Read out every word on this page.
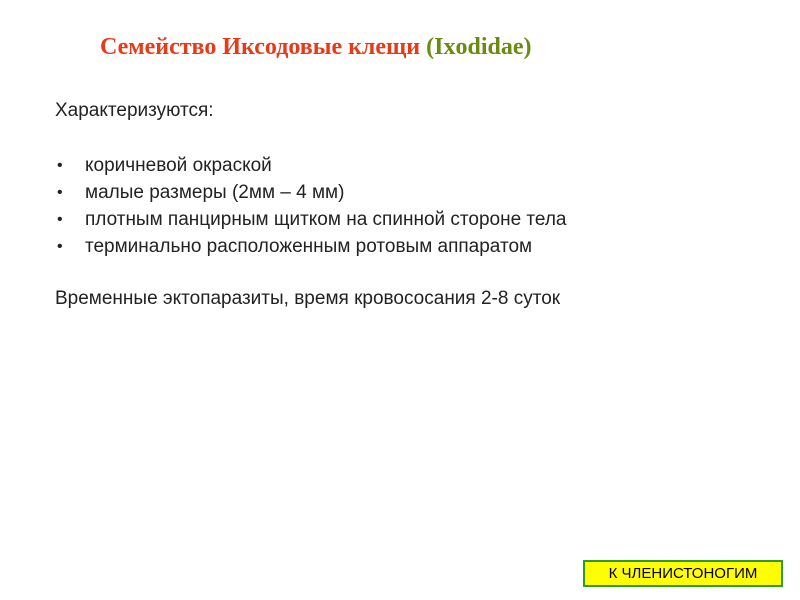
Семейство Иксодовые клещи (Ixodidae)
Характеризуются:
• коричневой окраской
• малые размеры (2мм – 4 мм)
• плотным панцирным щитком на спинной стороне тела
• терминально расположенным ротовым аппаратом
Временные эктопаразиты, время кровососания 2-8 суток
К ЧЛЕНИСТОНОГИМ
